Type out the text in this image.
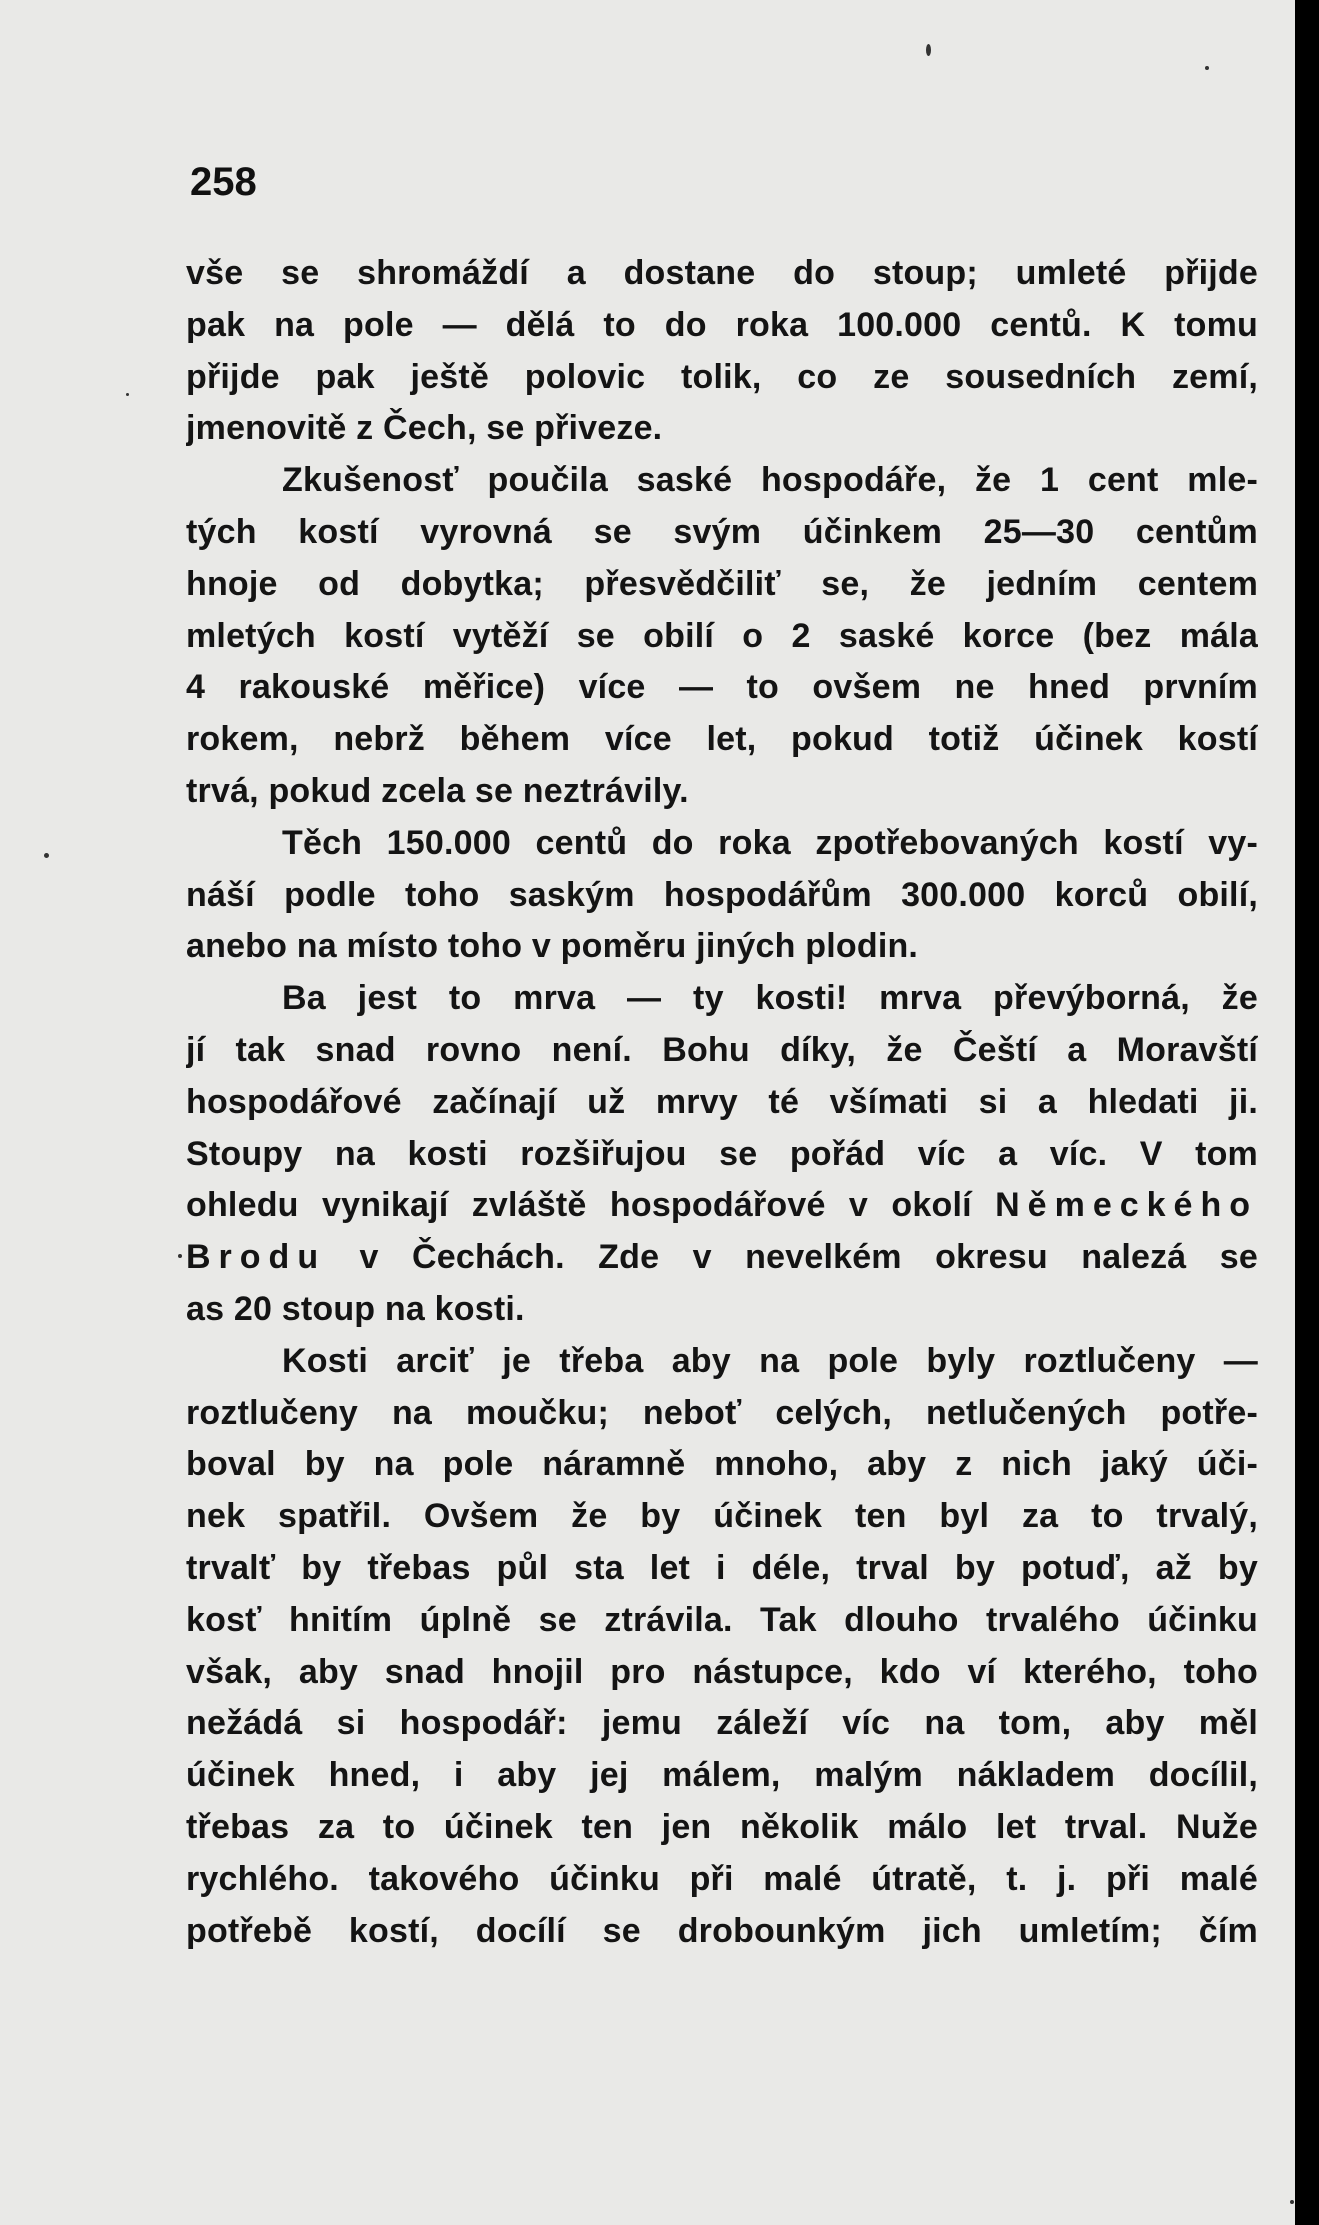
258
vše se shromáždí a dostane do stoup; umleté přijde
pak na pole — dělá to do roka 100.000 centů. K tomu
přijde pak ještě polovic tolik, co ze sousedních zemí,
jmenovitě z Čech, se přiveze.
Zkušenosť poučila saské hospodáře, že 1 cent mle-
tých kostí vyrovná se svým účinkem 25—30 centům
hnoje od dobytka; přesvědčiliť se, že jedním centem
mletých kostí vytěží se obilí o 2 saské korce (bez mála
4 rakouské měřice) více — to ovšem ne hned prvním
rokem, nebrž během více let, pokud totiž účinek kostí
trvá, pokud zcela se neztrávily.
Těch 150.000 centů do roka zpotřebovaných kostí vy-
náší podle toho saským hospodářům 300.000 korců obilí,
anebo na místo toho v poměru jiných plodin.
Ba jest to mrva — ty kosti! mrva převýborná, že
jí tak snad rovno není. Bohu díky, že Čeští a Moravští
hospodářové začínají už mrvy té všímati si a hledati ji.
Stoupy na kosti rozšiřujou se pořád víc a víc. V tom
ohledu vynikají zvláště hospodářové v okolí Německého
Brodu v Čechách. Zde v nevelkém okresu nalezá se
as 20 stoup na kosti.
Kosti arciť je třeba aby na pole byly roztlučeny —
roztlučeny na moučku; neboť celých, netlučených potře-
boval by na pole náramně mnoho, aby z nich jaký úči-
nek spatřil. Ovšem že by účinek ten byl za to trvalý,
trvalť by třebas půl sta let i déle, trval by potuď, až by
kosť hnitím úplně se ztrávila. Tak dlouho trvalého účinku
však, aby snad hnojil pro nástupce, kdo ví kterého, toho
nežádá si hospodář: jemu záleží víc na tom, aby měl
účinek hned, i aby jej málem, malým nákladem docílil,
třebas za to účinek ten jen několik málo let trval. Nuže
rychlého. takového účinku při malé útratě, t. j. při malé
potřebě kostí, docílí se drobounkým jich umletím; čím
